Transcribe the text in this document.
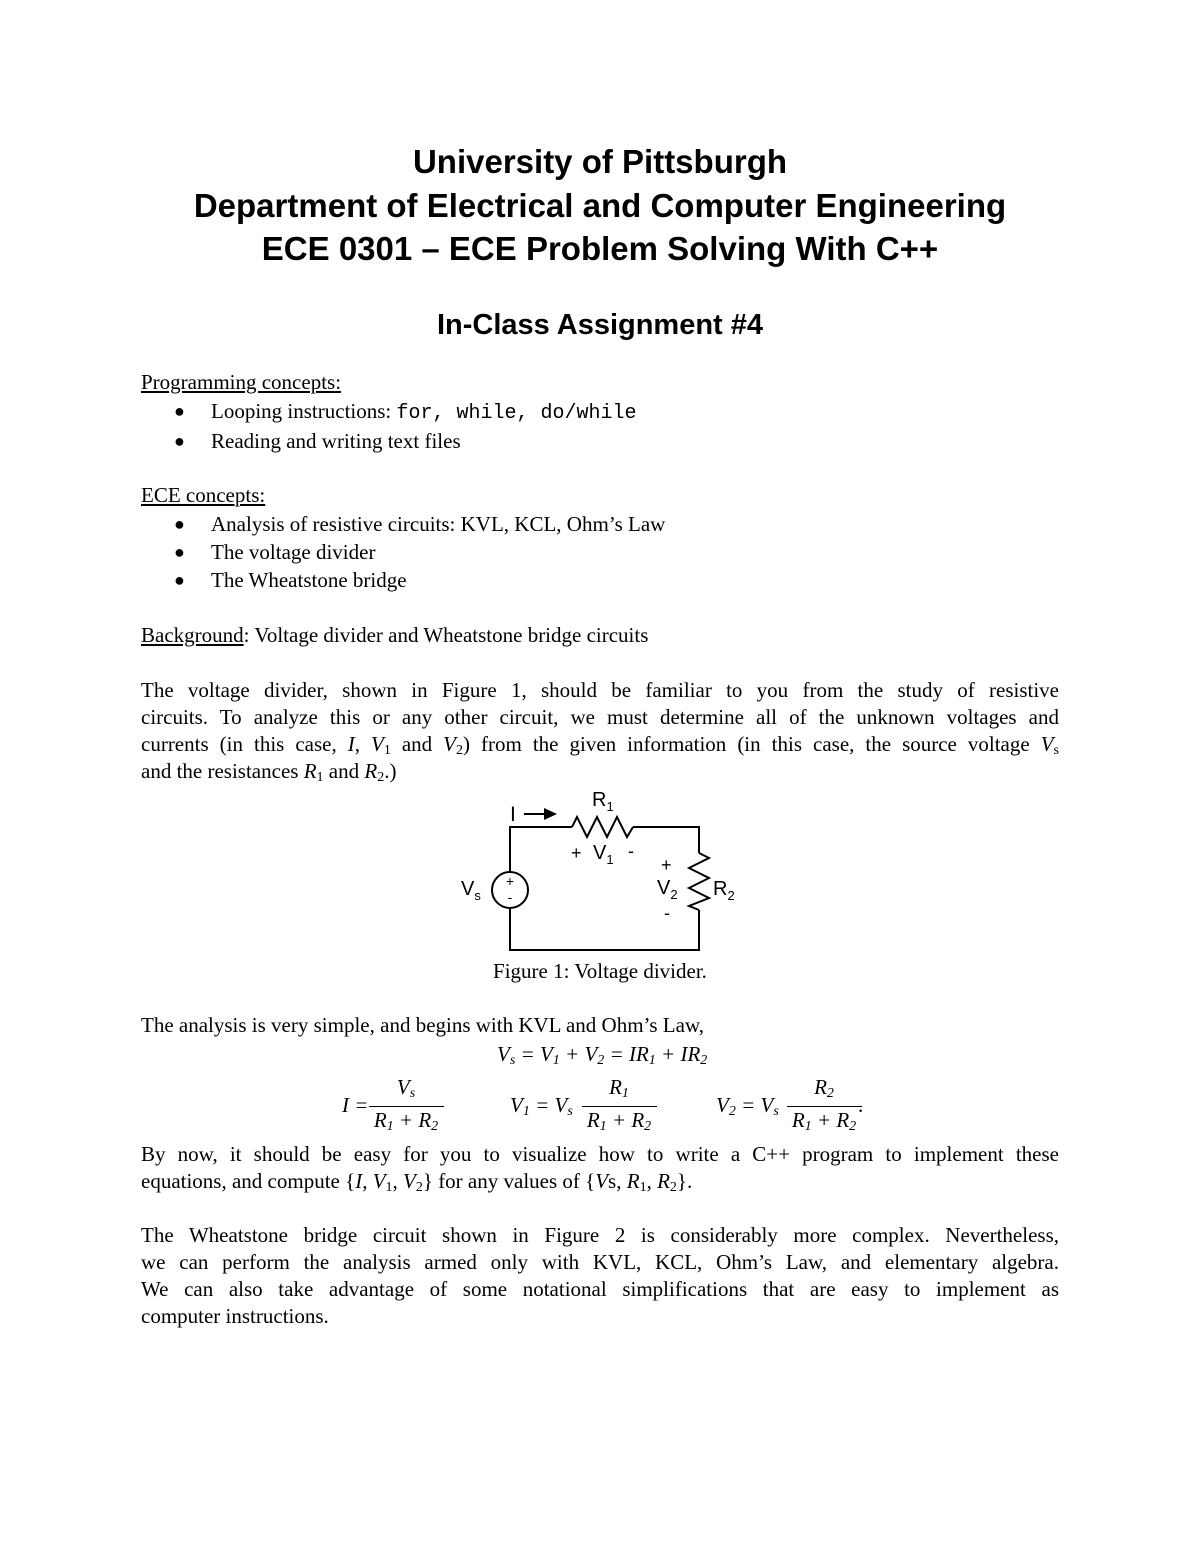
University of Pittsburgh
Department of Electrical and Computer Engineering
ECE 0301 – ECE Problem Solving With C++
In-Class Assignment #4
Programming concepts:
● Looping instructions: for, while, do/while
● Reading and writing text files
ECE concepts:
● Analysis of resistive circuits: KVL, KCL, Ohm’s Law
● The voltage divider
● The Wheatstone bridge
Background: Voltage divider and Wheatstone bridge circuits
The voltage divider, shown in Figure 1, should be familiar to you from the study of resistive
circuits. To analyze this or any other circuit, we must determine all of the unknown voltages and
currents (in this case, I, $V_1$ and $V_2$) from the given information (in this case, the source voltage $V_s$
and the resistances $R_1$ and $R_2$.)
+
-
I
$R_1$
+ $V_1$ -
+
$V_2$
-
$R_2$
$V_s$
Figure 1: Voltage divider.
The analysis is very simple, and begins with KVL and Ohm’s Law,
$V_s = V_1 + V_2 = IR_1 + IR_2$
I =
$V_s$
$R_1 + R_2$
$V_1 = V_s$
$R_1$
$R_1 + R_2$
$V_2 = V_s$
$R_2$
$R_1 + R_2$
.
By now, it should be easy for you to visualize how to write a C++ program to implement these
equations, and compute {I, $V_1$, $V_2$} for any values of {Vs, $R_1$, $R_2$}.
The Wheatstone bridge circuit shown in Figure 2 is considerably more complex. Nevertheless,
we can perform the analysis armed only with KVL, KCL, Ohm’s Law, and elementary algebra.
We can also take advantage of some notational simplifications that are easy to implement as
computer instructions.
